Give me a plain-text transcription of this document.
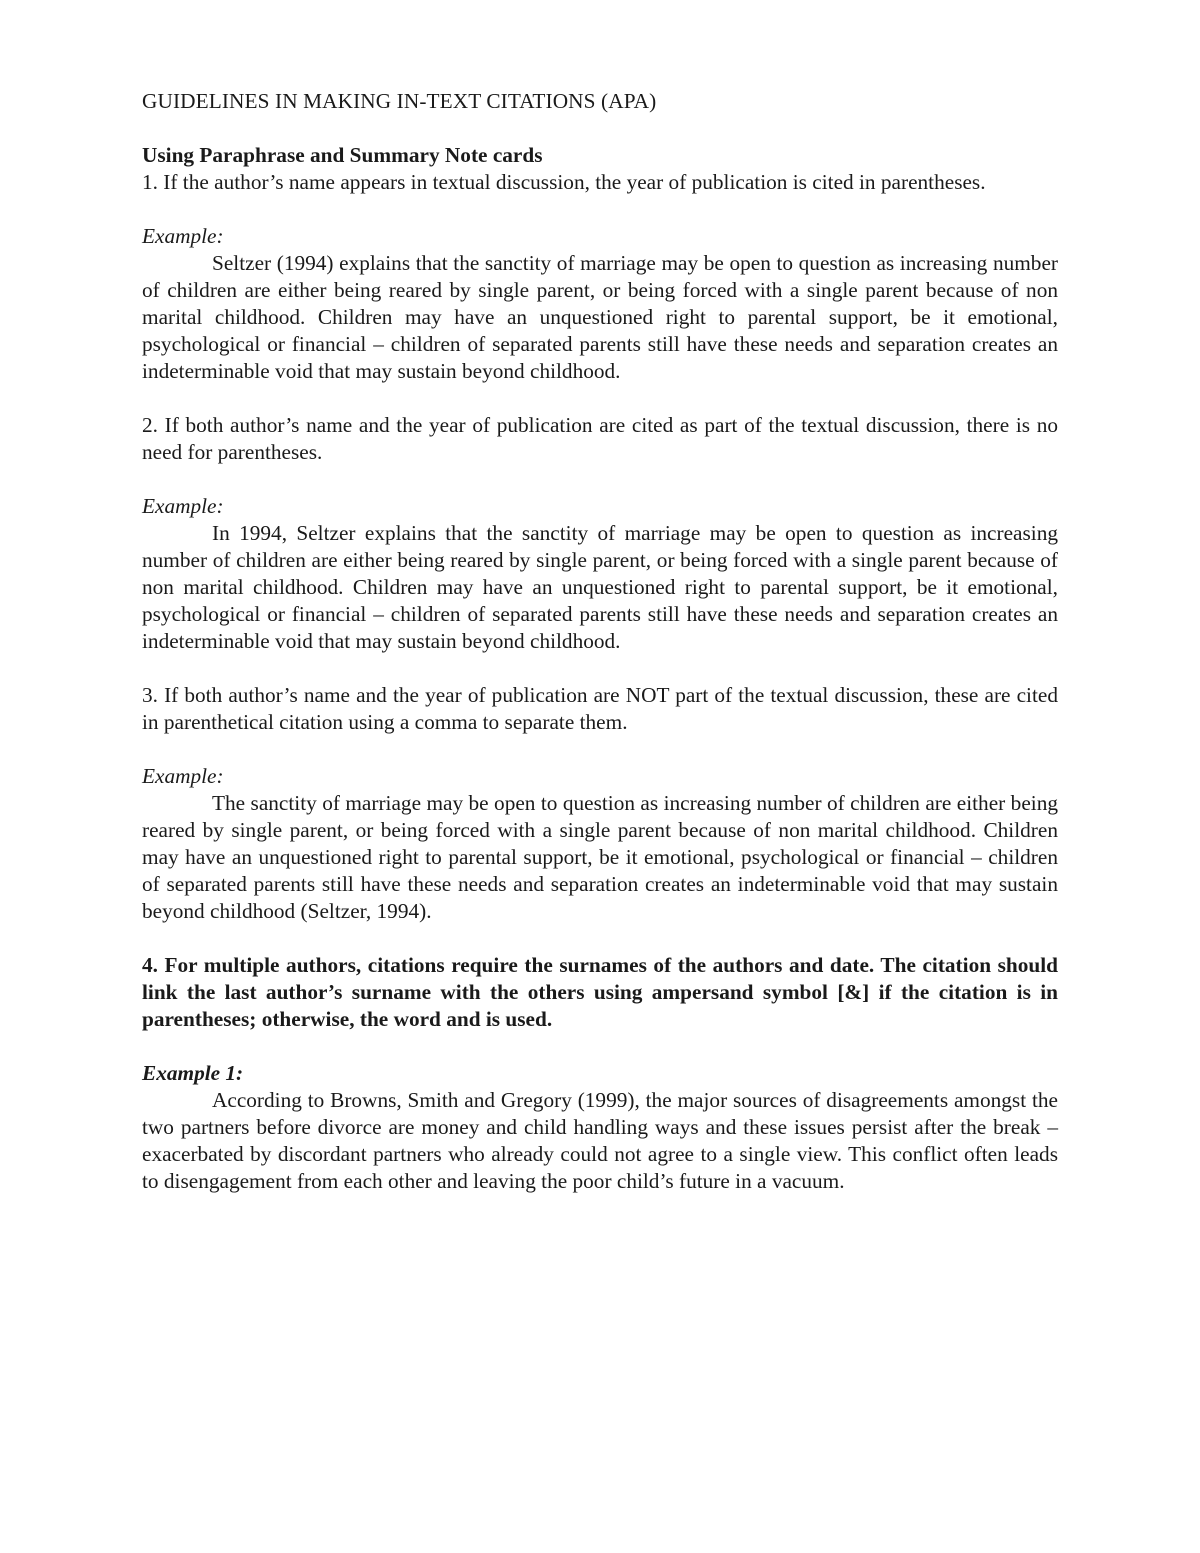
GUIDELINES IN MAKING IN-TEXT CITATIONS (APA)

Using Paraphrase and Summary Note cards

1. If the author’s name appears in textual discussion, the year of publication is cited in parentheses.

Example:

Seltzer (1994) explains that the sanctity of marriage may be open to question as increasing number of children are either being reared by single parent, or being forced with a single parent because of non marital childhood. Children may have an unquestioned right to parental support, be it emotional, psychological or financial – children of separated parents still have these needs and separation creates an indeterminable void that may sustain beyond childhood.

2. If both author’s name and the year of publication are cited as part of the textual discussion, there is no need for parentheses.

Example:

In 1994, Seltzer explains that the sanctity of marriage may be open to question as increasing number of children are either being reared by single parent, or being forced with a single parent because of non marital childhood. Children may have an unquestioned right to parental support, be it emotional, psychological or financial – children of separated parents still have these needs and separation creates an indeterminable void that may sustain beyond childhood.

3. If both author’s name and the year of publication are NOT part of the textual discussion, these are cited in parenthetical citation using a comma to separate them.

Example:

The sanctity of marriage may be open to question as increasing number of children are either being reared by single parent, or being forced with a single parent because of non marital childhood. Children may have an unquestioned right to parental support, be it emotional, psychological or financial – children of separated parents still have these needs and separation creates an indeterminable void that may sustain beyond childhood (Seltzer, 1994).

4. For multiple authors, citations require the surnames of the authors and date. The citation should link the last author’s surname with the others using ampersand symbol [&] if the citation is in parentheses; otherwise, the word and is used.

Example 1:

According to Browns, Smith and Gregory (1999), the major sources of disagreements amongst the two partners before divorce are money and child handling ways and these issues persist after the break – exacerbated by discordant partners who already could not agree to a single view. This conflict often leads to disengagement from each other and leaving the poor child’s future in a vacuum.
